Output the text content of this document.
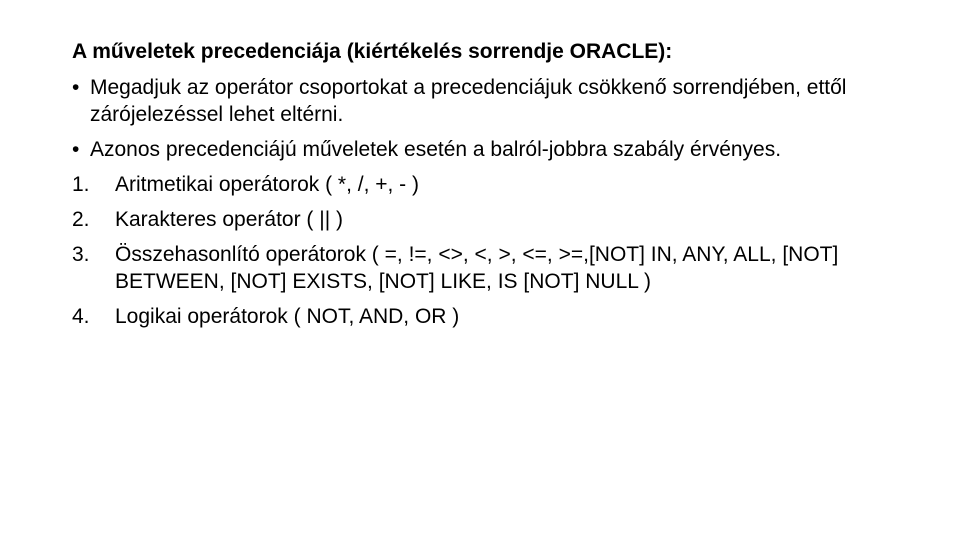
A műveletek precedenciája (kiértékelés sorrendje ORACLE):
• Megadjuk az operátor csoportokat a precedenciájuk csökkenő sorrendjében, ettől zárójelezéssel lehet eltérni.
• Azonos precedenciájú műveletek esetén a balról-jobbra szabály érvényes.
1.	Aritmetikai operátorok ( *, /, +, - )
2.	Karakteres operátor ( || )
3.	Összehasonlító operátorok ( =, !=, <>, <, >, <=, >=,[NOT] IN, ANY, ALL, [NOT] BETWEEN, [NOT] EXISTS, [NOT] LIKE, IS [NOT] NULL )
4.	Logikai operátorok ( NOT, AND, OR )
